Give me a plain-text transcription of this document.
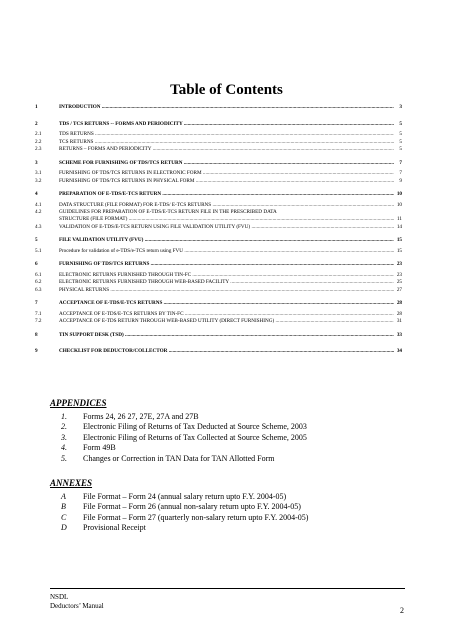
Table of Contents
1	INTRODUCTION .....	3
2	TDS / TCS RETURNS -- FORMS AND PERIODICITY .....	5
2.1	TDS RETURNS .....	5
2.2	TCS RETURNS .....	5
2.3	RETURNS – FORMS AND PERIODICITY .....	5
3	SCHEME FOR FURNISHING OF TDS/TCS RETURN .....	7
3.1	FURNISHING OF TDS/TCS RETURNS IN ELECTRONIC FORM .....	7
3.2	FURNISHING OF TDS/TCS RETURNS IN PHYSICAL FORM .....	9
4	PREPARATION OF E-TDS/E-TCS RETURN .....	10
4.1	DATA STRUCTURE (FILE FORMAT) FOR E-TDS/ E-TCS RETURNS .....	10
4.2	GUIDELINES FOR PREPARATION OF E-TDS/E-TCS RETURN FILE IN THE PRESCRIBED DATA
STRUCTURE (FILE FORMAT) .....	11
4.3	VALIDATION OF E-TDS/E-TCS RETURN USING FILE VALIDATION UTILITY (FVU) .....	14
5	FILE VALIDATION UTILITY (FVU) .....	15
5.1	Procedure for validation of e-TDS/e-TCS return using FVU .....	15
6	FURNISHING OF TDS/TCS RETURNS .....	23
6.1	ELECTRONIC RETURNS FURNISHED THROUGH TIN-FC .....	23
6.2	ELECTRONIC RETURNS FURNISHED THROUGH WEB-BASED FACILITY .....	25
6.3	PHYSICAL RETURNS .....	27
7	ACCEPTANCE OF E-TDS/E-TCS RETURNS .....	28
7.1	ACCEPTANCE OF E-TDS/E-TCS RETURNS BY TIN-FC .....	28
7.2	ACCEPTANCE OF E-TDS RETURN THROUGH WEB-BASED UTILITY (DIRECT FURNISHING) .....	31
8	TIN SUPPORT DESK (TSD) .....	33
9	CHECKLIST FOR DEDUCTOR/COLLECTOR .....	34
APPENDICES
1. Forms 24, 26 27, 27E, 27A and 27B
2. Electronic Filing of Returns of Tax Deducted at Source Scheme, 2003
3. Electronic Filing of Returns of Tax Collected at Source Scheme, 2005
4. Form 49B
5. Changes or Correction in TAN Data for TAN Allotted Form
ANNEXES
A File Format – Form 24 (annual salary return upto F.Y. 2004-05)
B File Format – Form 26 (annual non-salary return upto F.Y. 2004-05)
C File Format – Form 27 (quarterly non-salary return upto F.Y. 2004-05)
D Provisional Receipt
NSDL
Deductors’ Manual	2
